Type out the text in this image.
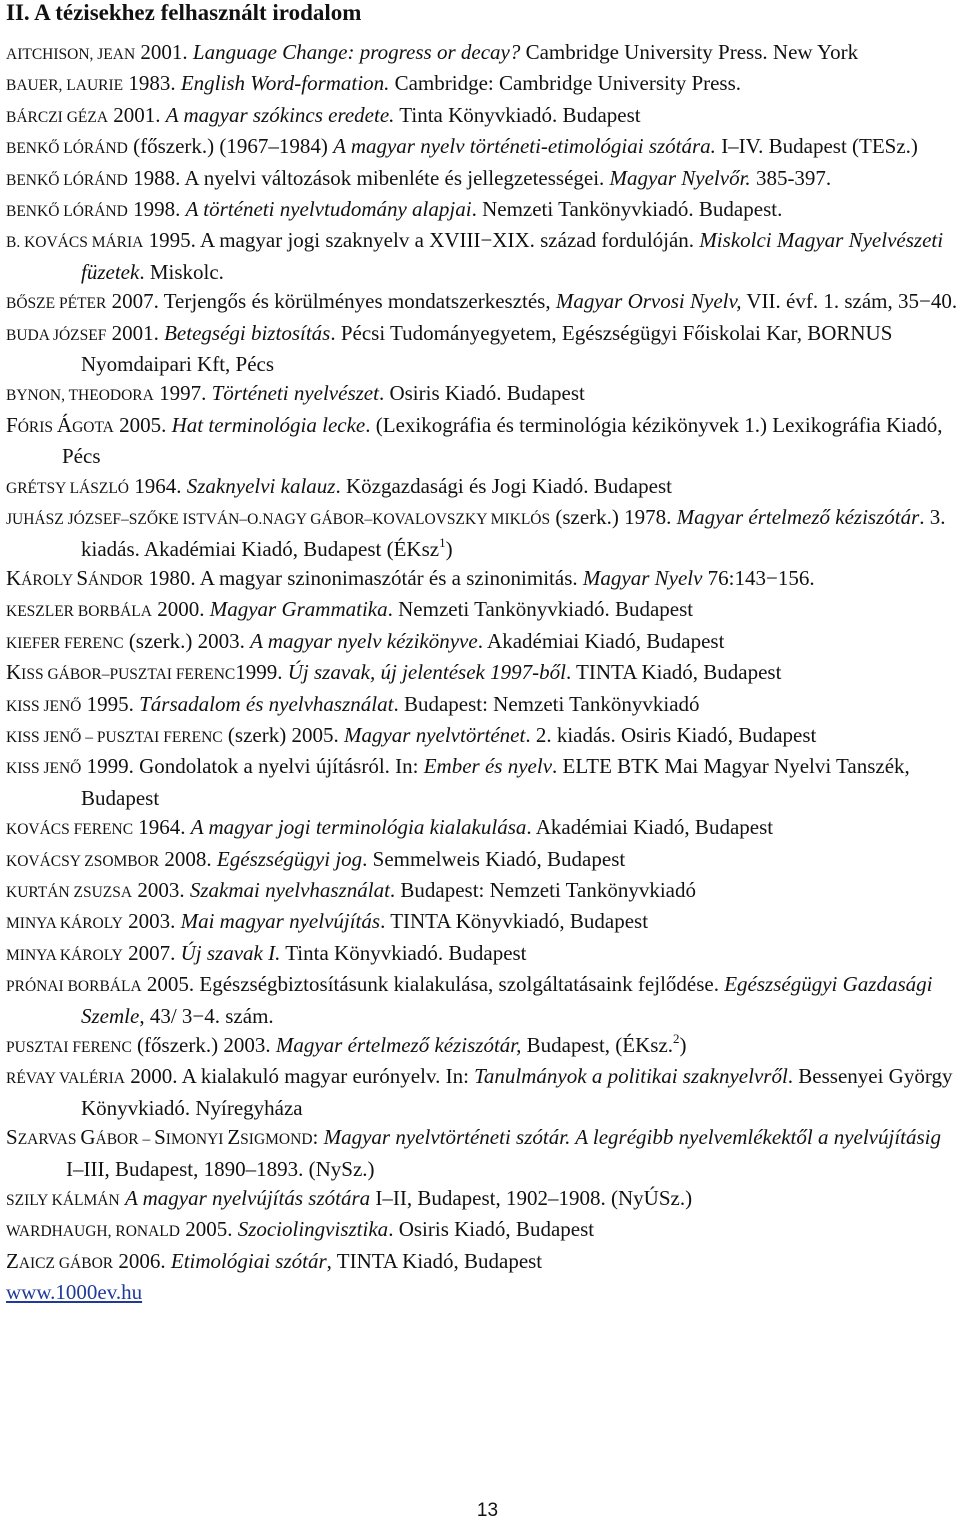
II. A tézisekhez felhasznált irodalom
AITCHISON, JEAN 2001. Language Change: progress or decay? Cambridge University Press. New York
BAUER, LAURIE 1983. English Word-formation. Cambridge: Cambridge University Press.
BÁRCZI GÉZA 2001. A magyar szókincs eredete. Tinta Könyvkiadó. Budapest
BENKŐ LÓRÁND (főszerk.) (1967–1984) A magyar nyelv történeti-etimológiai szótára. I–IV. Budapest (TESz.)
BENKŐ LÓRÁND 1988. A nyelvi változások mibenléte és jellegzetességei. Magyar Nyelvőr. 385-397.
BENKŐ LÓRÁND 1998. A történeti nyelvtudomány alapjai. Nemzeti Tankönyvkiadó. Budapest.
B. KOVÁCS MÁRIA 1995. A magyar jogi szaknyelv a XVIII−XIX. század fordulóján. Miskolci Magyar Nyelvészeti füzetek. Miskolc.
BŐSZE PÉTER 2007. Terjengős és körülményes mondatszerkesztés, Magyar Orvosi Nyelv, VII. évf. 1. szám, 35−40.
BUDA JÓZSEF 2001. Betegségi biztosítás. Pécsi Tudományegyetem, Egészségügyi Főiskolai Kar, BORNUS Nyomdaipari Kft, Pécs
BYNON, THEODORA 1997. Történeti nyelvészet. Osiris Kiadó. Budapest
FÓRIS ÁGOTA 2005. Hat terminológia lecke. (Lexikográfia és terminológia kézikönyvek 1.) Lexikográfia Kiadó, Pécs
GRÉTSY LÁSZLÓ 1964. Szaknyelvi kalauz. Közgazdasági és Jogi Kiadó. Budapest
JUHÁSZ JÓZSEF–SZŐKE ISTVÁN–O.NAGY GÁBOR–KOVALOVSZKY MIKLÓS (szerk.) 1978. Magyar értelmező kéziszótár. 3. kiadás. Akadémiai Kiadó, Budapest (ÉKsz$^1$)
KÁROLY SÁNDOR 1980. A magyar szinonimaszótár és a szinonimitás. Magyar Nyelv 76:143−156.
KESZLER BORBÁLA 2000. Magyar Grammatika. Nemzeti Tankönyvkiadó. Budapest
KIEFER FERENC (szerk.) 2003. A magyar nyelv kézikönyve. Akadémiai Kiadó, Budapest
KISS GÁBOR–PUSZTAI FERENC1999. Új szavak, új jelentések 1997-ből. TINTA Kiadó, Budapest
KISS JENŐ 1995. Társadalom és nyelvhasználat. Budapest: Nemzeti Tankönyvkiadó
KISS JENŐ – PUSZTAI FERENC (szerk) 2005. Magyar nyelvtörténet. 2. kiadás. Osiris Kiadó, Budapest
KISS JENŐ 1999. Gondolatok a nyelvi újításról. In: Ember és nyelv. ELTE BTK Mai Magyar Nyelvi Tanszék, Budapest
KOVÁCS FERENC 1964. A magyar jogi terminológia kialakulása. Akadémiai Kiadó, Budapest
KOVÁCSY ZSOMBOR 2008. Egészségügyi jog. Semmelweis Kiadó, Budapest
KURTÁN ZSUZSA 2003. Szakmai nyelvhasználat. Budapest: Nemzeti Tankönyvkiadó
MINYA KÁROLY 2003. Mai magyar nyelvújítás. TINTA Könyvkiadó, Budapest
MINYA KÁROLY 2007. Új szavak I. Tinta Könyvkiadó. Budapest
PRÓNAI BORBÁLA 2005. Egészségbiztosításunk kialakulása, szolgáltatásaink fejlődése. Egészségügyi Gazdasági Szemle, 43/ 3−4. szám.
PUSZTAI FERENC (főszerk.) 2003. Magyar értelmező kéziszótár, Budapest, (ÉKsz.$^2$)
RÉVAY VALÉRIA 2000. A kialakuló magyar eurónyelv. In: Tanulmányok a politikai szaknyelvről. Bessenyei György Könyvkiadó. Nyíregyháza
SZARVAS GÁBOR – SIMONYI ZSIGMOND: Magyar nyelvtörténeti szótár. A legrégibb nyelvemlékektől a nyelvújításig I–III, Budapest, 1890–1893. (NySz.)
SZILY KÁLMÁN A magyar nyelvújítás szótára I–II, Budapest, 1902–1908. (NyÚSz.)
WARDHAUGH, RONALD 2005. Szociolingvisztika. Osiris Kiadó, Budapest
ZAICZ GÁBOR 2006. Etimológiai szótár, TINTA Kiadó, Budapest
www.1000ev.hu
13
